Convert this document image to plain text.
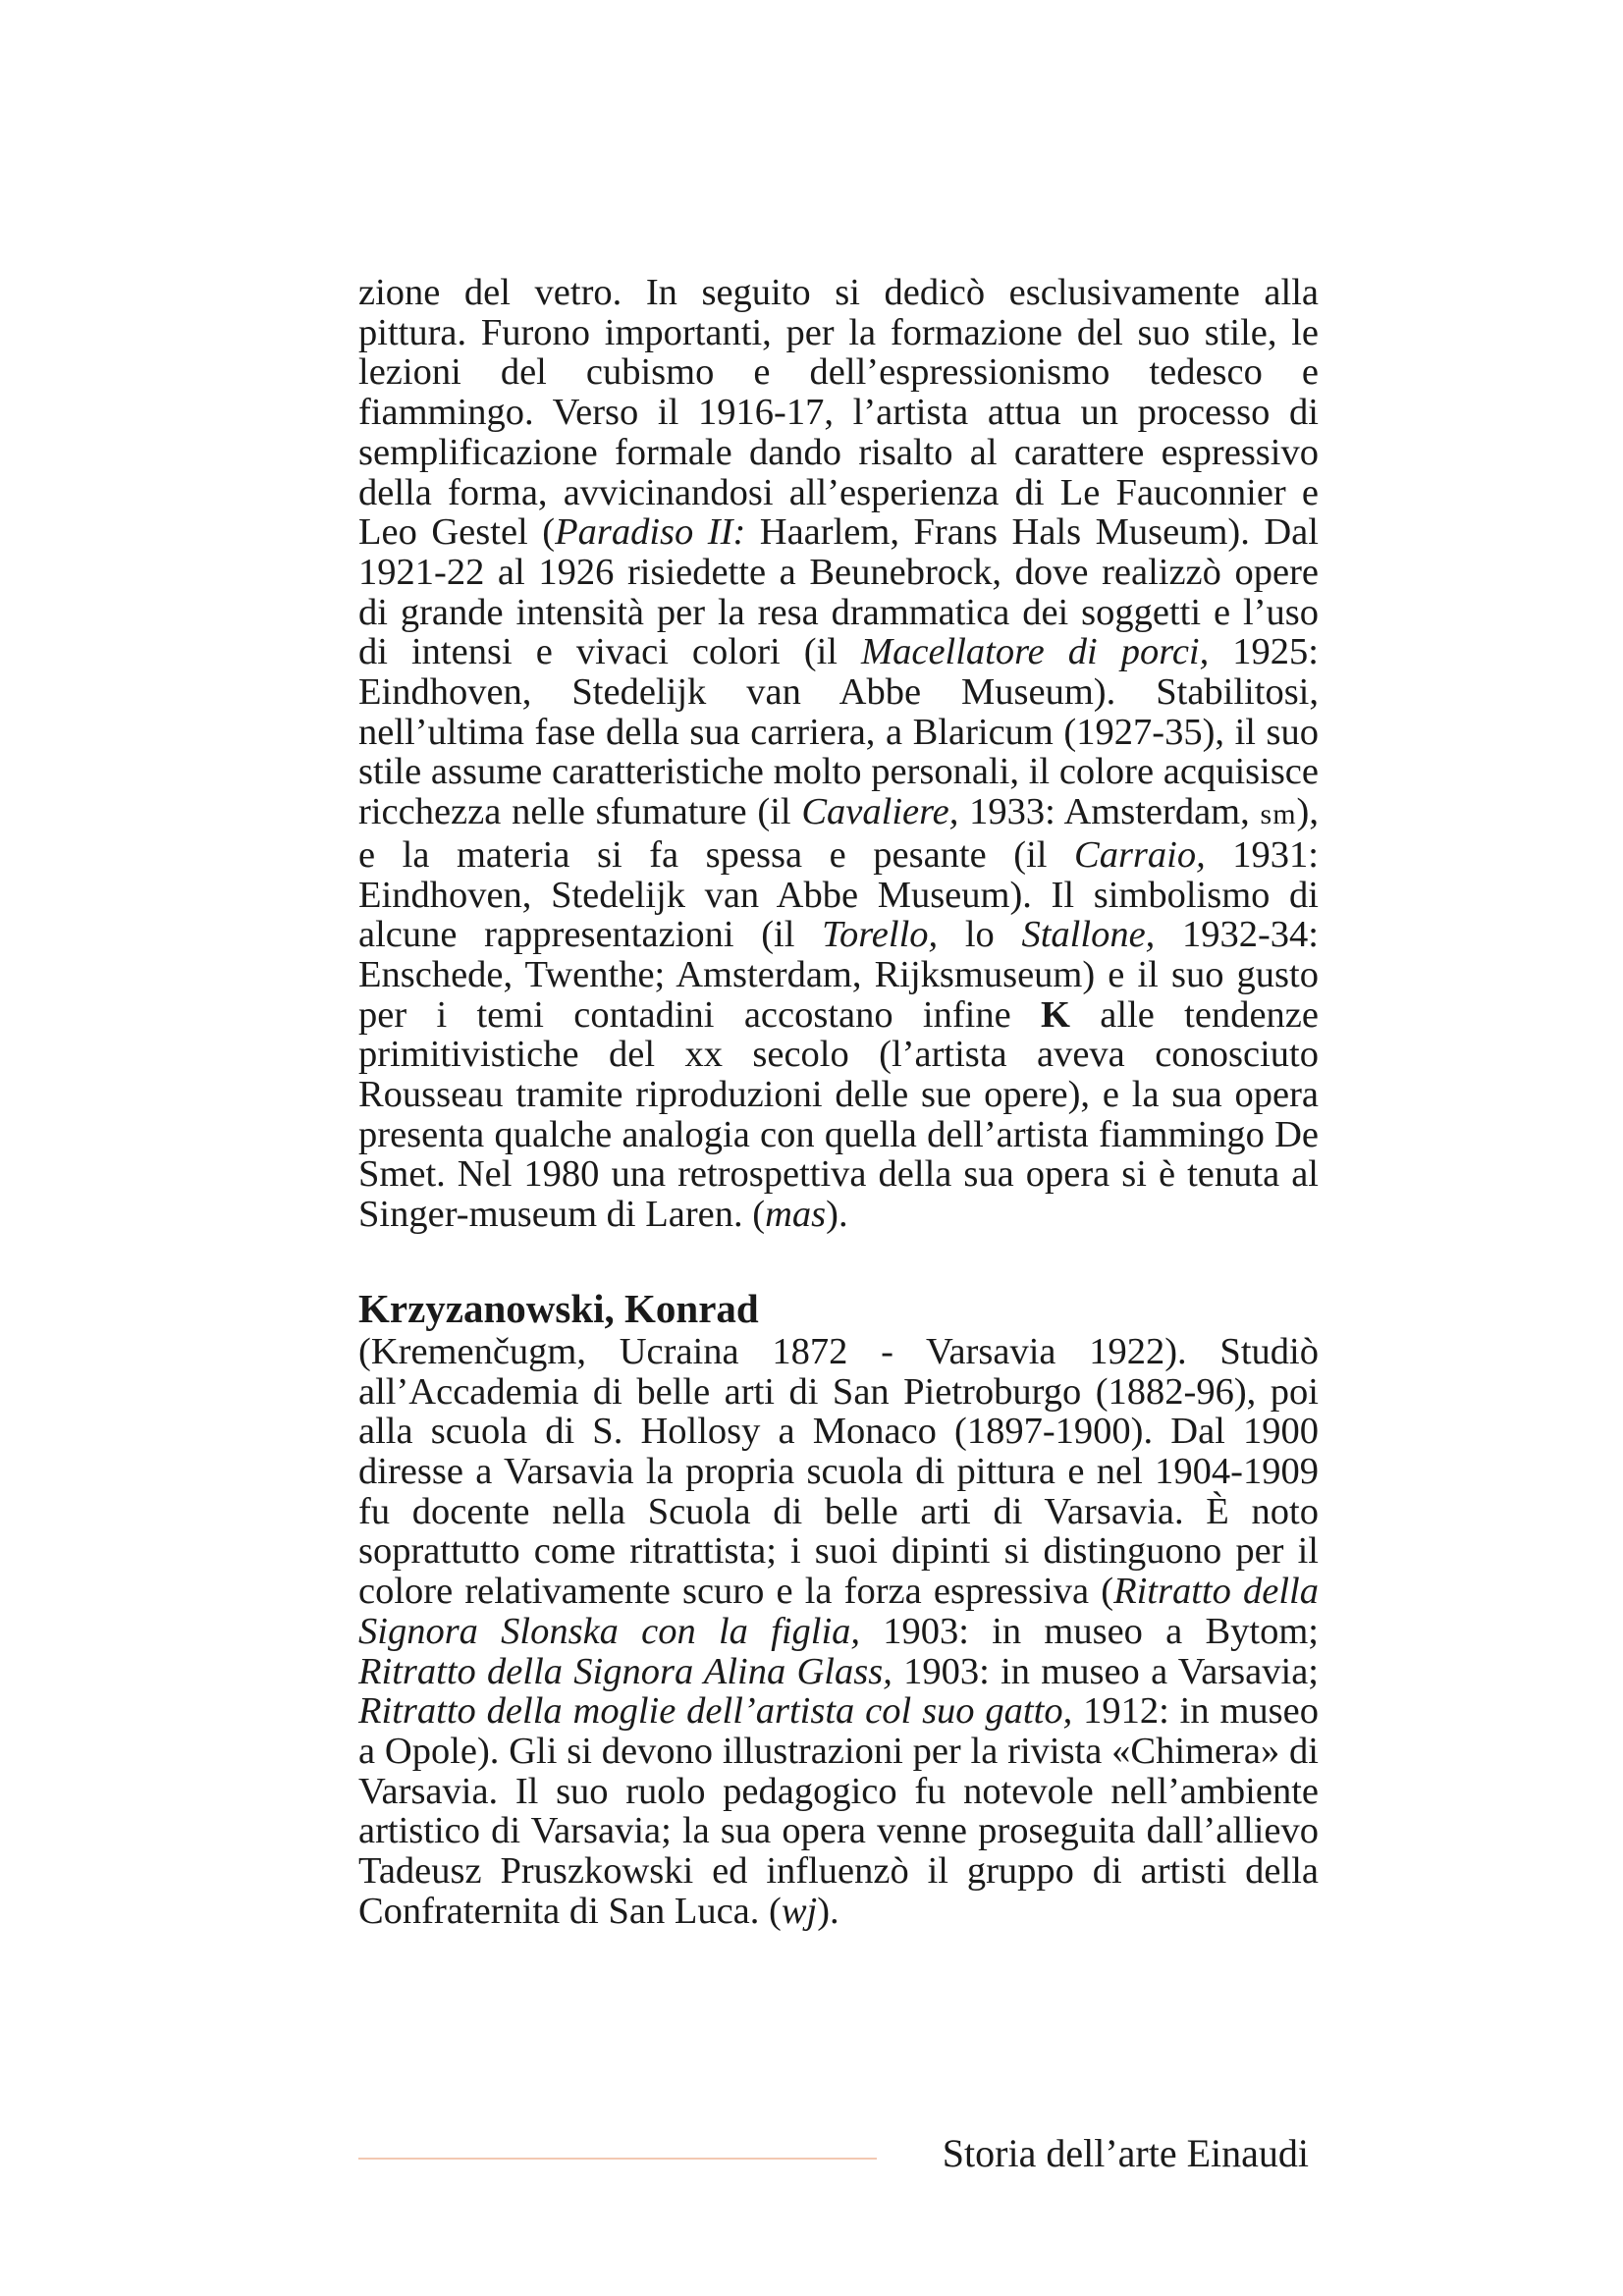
zione del vetro. In seguito si dedicò esclusivamente alla pittura. Furono importanti, per la formazione del suo stile, le lezioni del cubismo e dell’espressionismo tedesco e fiammingo. Verso il 1916-17, l’artista attua un processo di semplificazione formale dando risalto al carattere espressivo della forma, avvicinandosi all’esperienza di Le Fauconnier e Leo Gestel (Paradiso II: Haarlem, Frans Hals Museum). Dal 1921-22 al 1926 risiedette a Beunebrock, dove realizzò opere di grande intensità per la resa drammatica dei soggetti e l’uso di intensi e vivaci colori (il Macellatore di porci, 1925: Eindhoven, Stedelijk van Abbe Museum). Stabilitosi, nell’ultima fase della sua carriera, a Blaricum (1927-35), il suo stile assume caratteristiche molto personali, il colore acquisisce ricchezza nelle sfumature (il Cavaliere, 1933: Amsterdam, sm), e la materia si fa spessa e pesante (il Carraio, 1931: Eindhoven, Stedelijk van Abbe Museum). Il simbolismo di alcune rappresentazioni (il Torello, lo Stallone, 1932-34: Enschede, Twenthe; Amsterdam, Rijksmuseum) e il suo gusto per i temi contadini accostano infine K alle tendenze primitivistiche del xx secolo (l’artista aveva conosciuto Rousseau tramite riproduzioni delle sue opere), e la sua opera presenta qualche analogia con quella dell’artista fiammingo De Smet. Nel 1980 una retrospettiva della sua opera si è tenuta al Singer-museum di Laren. (mas).

Krzyzanowski, Konrad

(Kremenčugm, Ucraina 1872 - Varsavia 1922). Studiò all’Accademia di belle arti di San Pietroburgo (1882-96), poi alla scuola di S. Hollosy a Monaco (1897-1900). Dal 1900 diresse a Varsavia la propria scuola di pittura e nel 1904-1909 fu docente nella Scuola di belle arti di Varsavia. È noto soprattutto come ritrattista; i suoi dipinti si distinguono per il colore relativamente scuro e la forza espressiva (Ritratto della Signora Slonska con la figlia, 1903: in museo a Bytom; Ritratto della Signora Alina Glass, 1903: in museo a Varsavia; Ritratto della moglie dell’artista col suo gatto, 1912: in museo a Opole). Gli si devono illustrazioni per la rivista «Chimera» di Varsavia. Il suo ruolo pedagogico fu notevole nell’ambiente artistico di Varsavia; la sua opera venne proseguita dall’allievo Tadeusz Pruszkowski ed influenzò il gruppo di artisti della Confraternita di San Luca. (wj).

Storia dell’arte Einaudi
